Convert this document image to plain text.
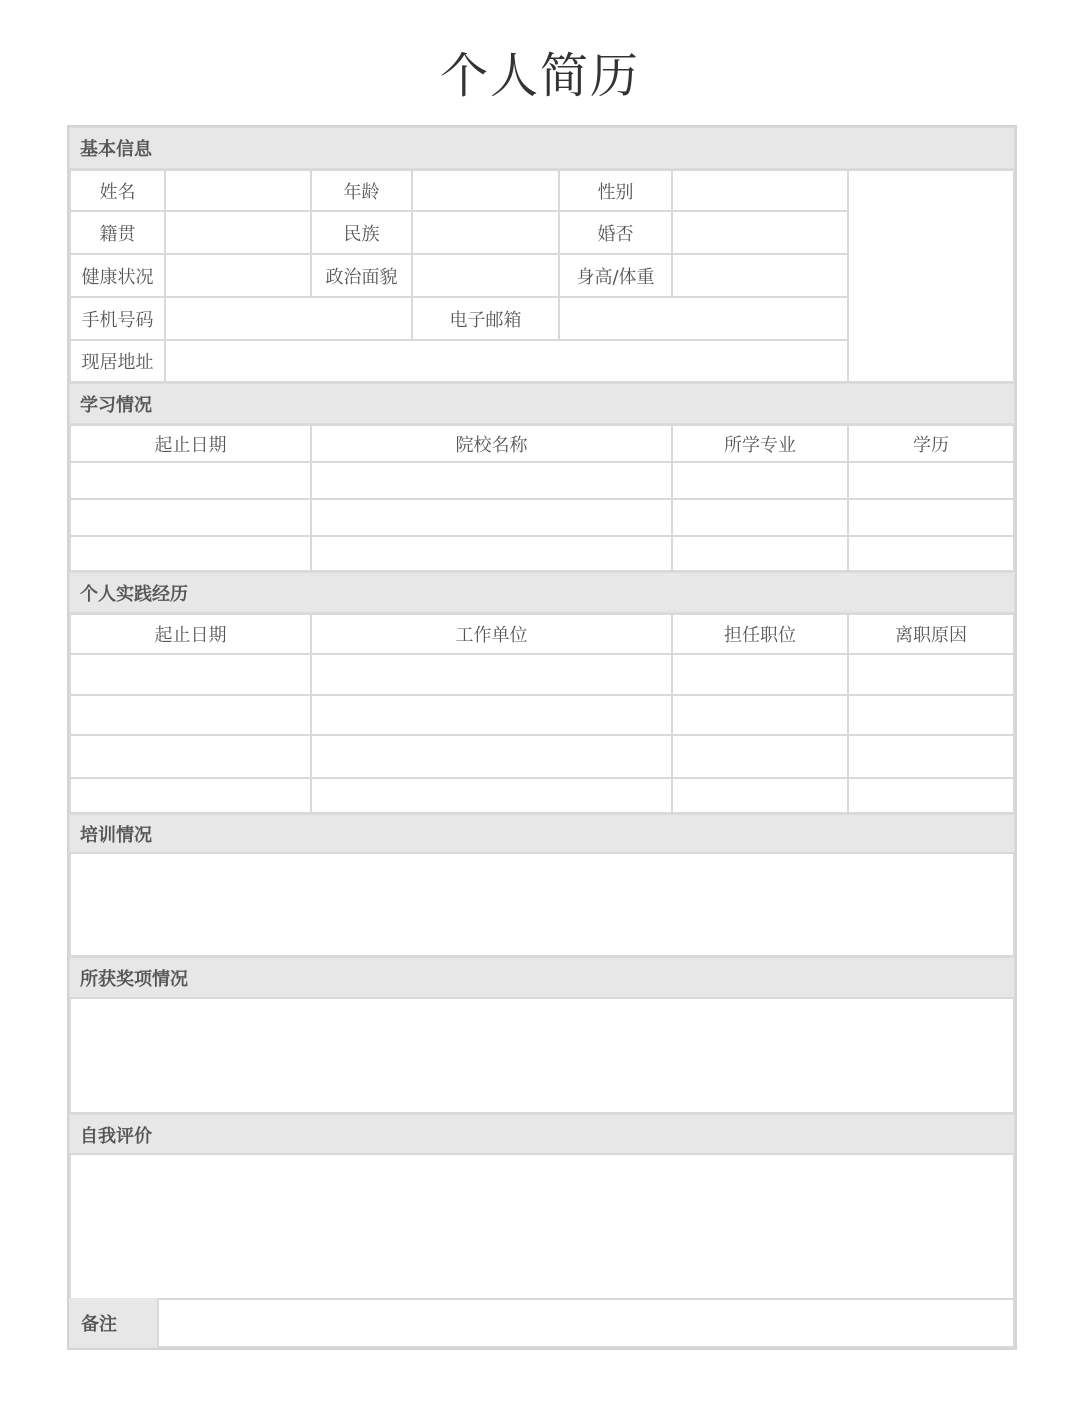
个人简历
基本信息
姓名	年龄	性别
籍贯	民族	婚否
健康状况	政治面貌	身高/体重
手机号码	电子邮箱
现居地址
学习情况
起止日期	院校名称	所学专业	学历
个人实践经历
起止日期	工作单位	担任职位	离职原因
培训情况
所获奖项情况
自我评价
备注
